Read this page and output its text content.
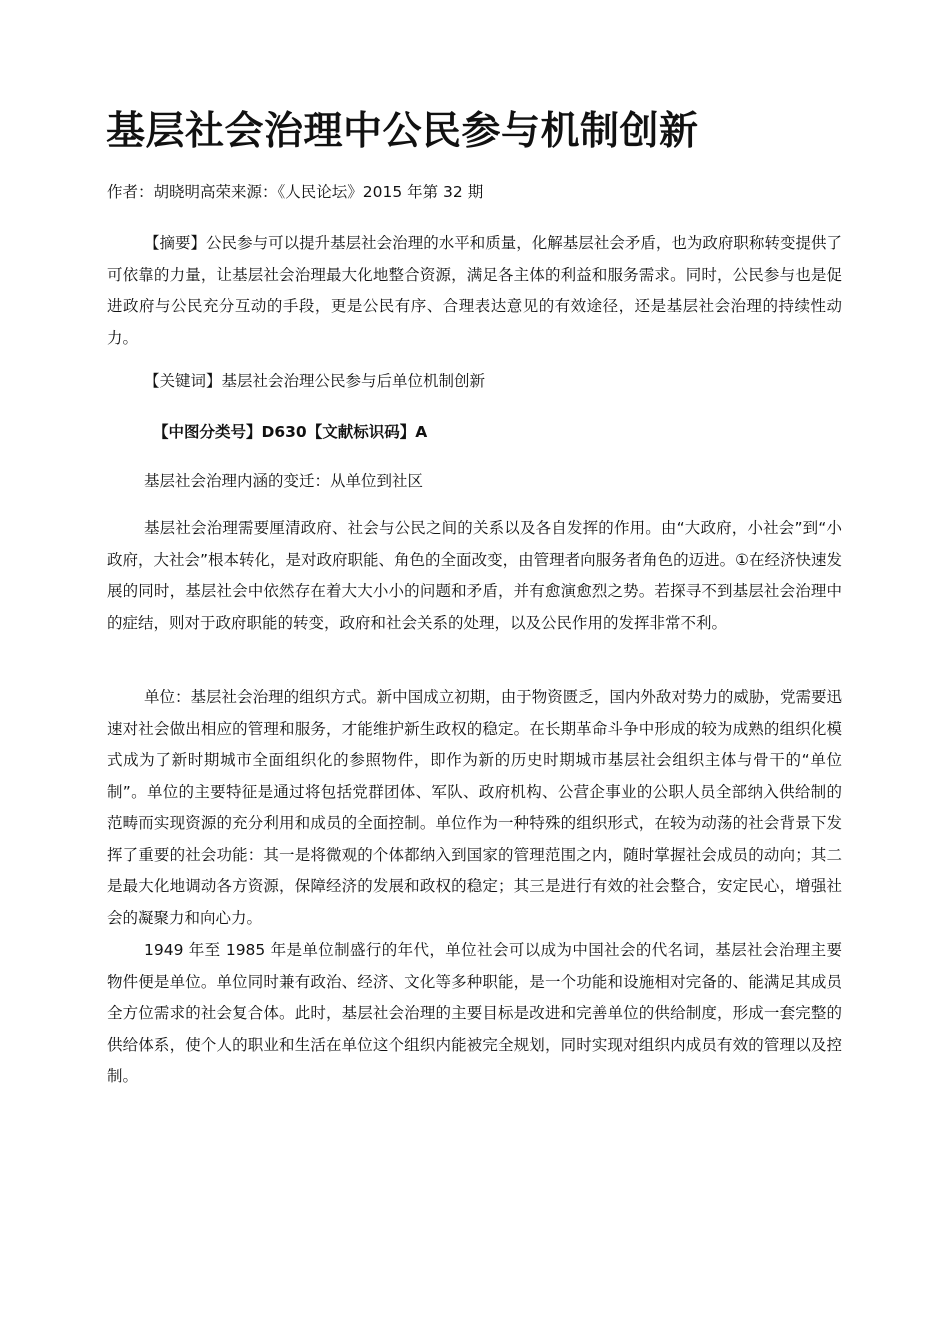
基层社会治理中公民参与机制创新
作者：胡晓明高荣来源：《人民论坛》2015 年第 32 期

【摘要】公民参与可以提升基层社会治理的水平和质量，化解基层社会矛盾，也为政府职称转变提供了可依靠的力量，让基层社会治理最大化地整合资源，满足各主体的利益和服务需求。同时，公民参与也是促进政府与公民充分互动的手段，更是公民有序、合理表达意见的有效途径，还是基层社会治理的持续性动力。

【关键词】基层社会治理公民参与后单位机制创新
【中图分类号】D630【文献标识码】A
基层社会治理内涵的变迁：从单位到社区

基层社会治理需要厘清政府、社会与公民之间的关系以及各自发挥的作用。由“大政府，小社会”到“小政府，大社会”根本转化，是对政府职能、角色的全面改变，由管理者向服务者角色的迈进。①在经济快速发展的同时，基层社会中依然存在着大大小小的问题和矛盾，并有愈演愈烈之势。若探寻不到基层社会治理中的症结，则对于政府职能的转变，政府和社会关系的处理，以及公民作用的发挥非常不利。

单位：基层社会治理的组织方式。新中国成立初期，由于物资匮乏，国内外敌对势力的威胁，党需要迅速对社会做出相应的管理和服务，才能维护新生政权的稳定。在长期革命斗争中形成的较为成熟的组织化模式成为了新时期城市全面组织化的参照物件，即作为新的历史时期城市基层社会组织主体与骨干的“单位制”。单位的主要特征是通过将包括党群团体、军队、政府机构、公营企事业的公职人员全部纳入供给制的范畴而实现资源的充分利用和成员的全面控制。单位作为一种特殊的组织形式，在较为动荡的社会背景下发挥了重要的社会功能：其一是将微观的个体都纳入到国家的管理范围之内，随时掌握社会成员的动向；其二是最大化地调动各方资源，保障经济的发展和政权的稳定；其三是进行有效的社会整合，安定民心，增强社会的凝聚力和向心力。

1949 年至 1985 年是单位制盛行的年代，单位社会可以成为中国社会的代名词，基层社会治理主要物件便是单位。单位同时兼有政治、经济、文化等多种职能，是一个功能和设施相对完备的、能满足其成员全方位需求的社会复合体。此时，基层社会治理的主要目标是改进和完善单位的供给制度，形成一套完整的供给体系，使个人的职业和生活在单位这个组织内能被完全规划，同时实现对组织内成员有效的管理以及控制。
